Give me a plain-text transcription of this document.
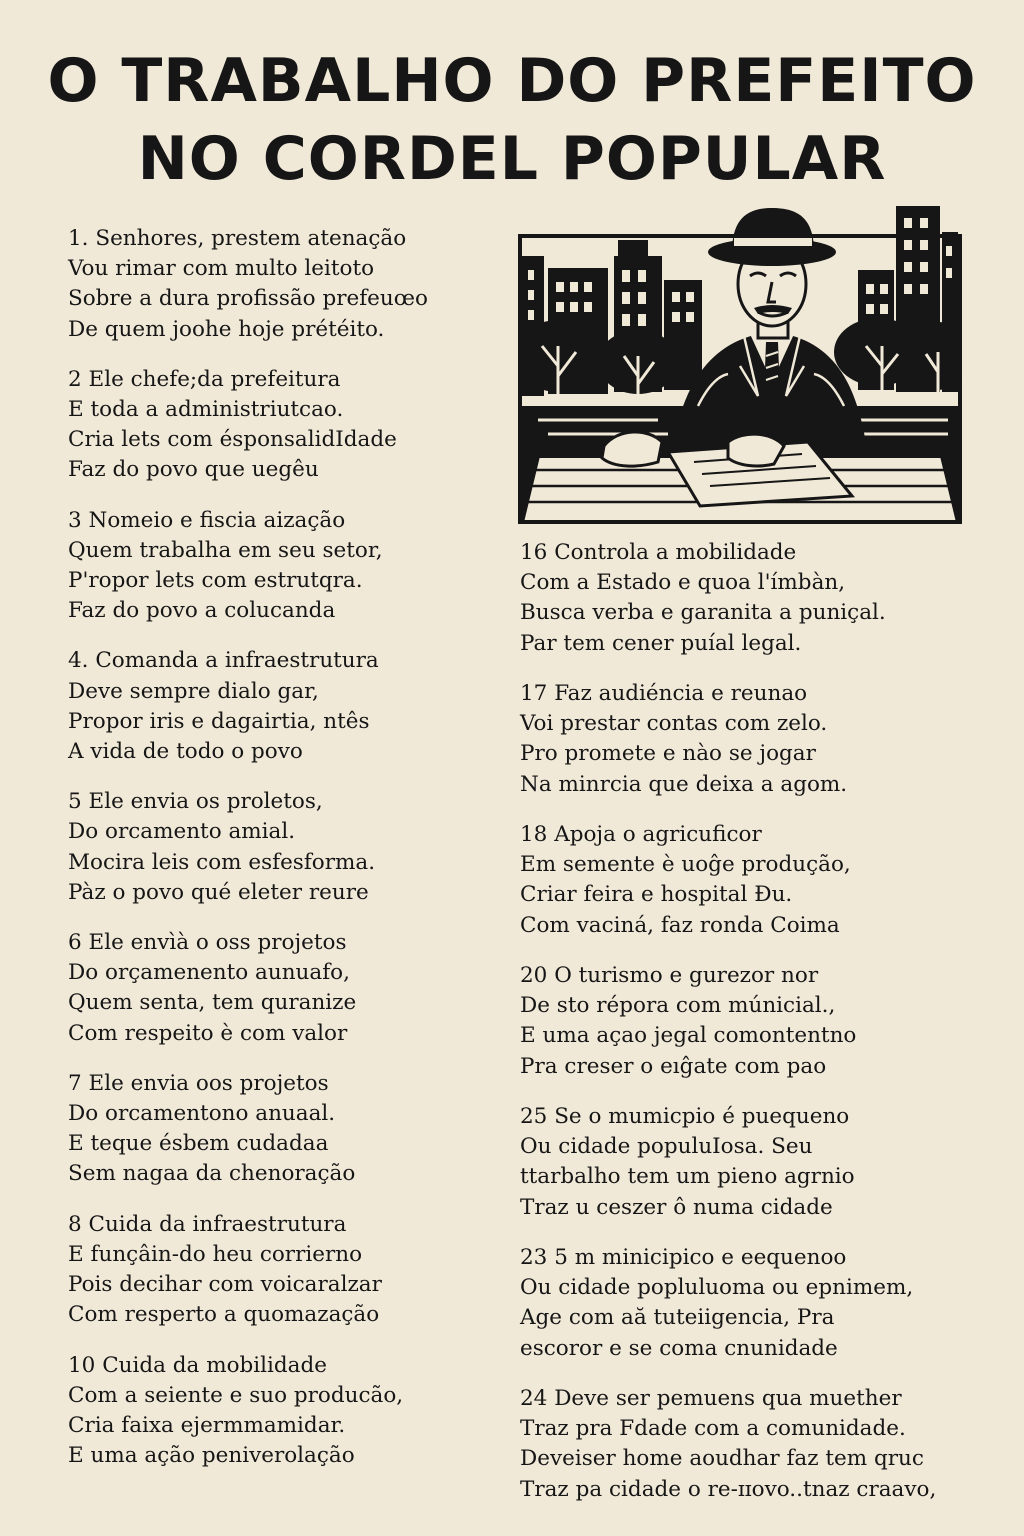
O TRABALHO DO PREFEITO
NO CORDEL POPULAR
1. Senhores, prestem atenação
Vou rimar com multo leitoto
Sobre a dura profissão prefeuœo
De quem joohe hoje prétéito.
2 Ele chefe;da prefeitura
E toda a administriutcao.
Cria lets com ésponsalidIdade
Faz do povo que uegêu
3 Nomeio e fiscia aização
Quem trabalha em seu setor,
P'ropor lets com estrutqra.
Faz do povo a colucanda
4. Comanda a infraestrutura
Deve sempre dialo gar,
Propor iris e dagairtia, ntês
A vida de todo o povo
5 Ele envia os proletos,
Do orcamento amial.
Mocira leis com esfesforma.
Pàz o povo qué eleter reure
6 Ele envìà o oss projetos
Do orçamenento aunuafo,
Quem senta, tem quranize
Com respeito è com valor
7 Ele envia oos projetos
Do orcamentono anuaal.
E teque ésbem cudadaa
Sem nagaa da chenoração
8 Cuida da infraestrutura
E funçâin-do heu corrierno
Pois decihar com voicaralzar
Com resperto a quomazação
10 Cuida da mobilidade
Com a seiente e suo producão,
Cria faixa ejermmamidar.
E uma ação peniverolação
16 Controla a mobilidade
Com a Estado e quoa l'ímbàn,
Busca verba e garanita a puniçal.
Par tem cener puíal legal.
17 Faz audiéncia e reunao
Voi prestar contas com zelo.
Pro promete e nào se jogar
Na minrcia que deixa a agom.
18 Apoja o agricuficor
Em semente è uoĝe produção,
Criar feira e hospital Đu.
Com vaciná, faz ronda Coima
20 O turismo e gurezor nor
De sto répora com múnicial.,
E uma açao jegal comontentno
Pra creser o eıĝate com pao
25 Se o mumicpio é puequeno
Ou cidade populuIosa. Seu
ttarbalho tem um pieno agrnio
Traz u ceszer ô numa cidade
23 5 m minicipico e eequenoo
Ou cidade popluluoma ou epnimem,
Age com aă tuteiigencia, Pra
escoror e se coma cnunidade
24 Deve ser pemuens qua muether
Traz pra Fdade com a comunidade.
Deveiser home aoudhar faz tem qruc
Traz pa cidade o re-ɪɪovo..tnaz craavo,
